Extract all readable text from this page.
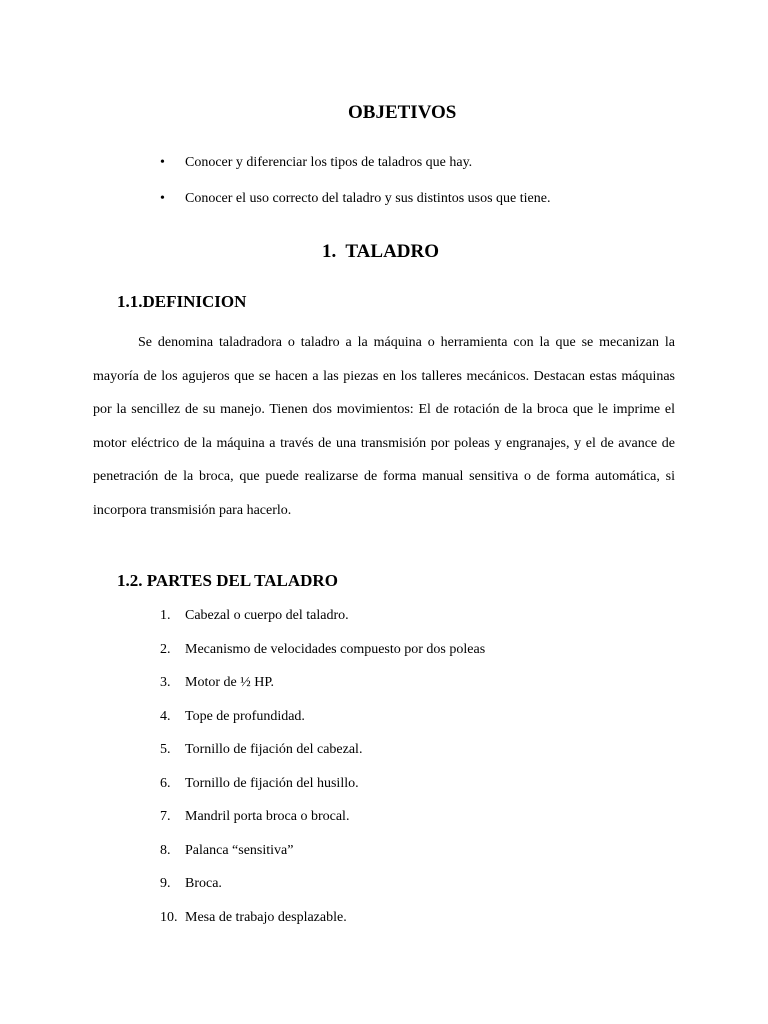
OBJETIVOS
• Conocer y diferenciar los tipos de taladros que hay.
• Conocer el uso correcto del taladro y sus distintos usos que tiene.
1.  TALADRO
1.1.DEFINICION
Se denomina taladradora o taladro a la máquina o herramienta con la que se mecanizan la mayoría de los agujeros que se hacen a las piezas en los talleres mecánicos. Destacan estas máquinas por la sencillez de su manejo. Tienen dos movimientos: El de rotación de la broca que le imprime el motor eléctrico de la máquina a través de una transmisión por poleas y engranajes, y el de avance de penetración de la broca, que puede realizarse de forma manual sensitiva o de forma automática, si incorpora transmisión para hacerlo.
1.2. PARTES DEL TALADRO
1. Cabezal o cuerpo del taladro.
2. Mecanismo de velocidades compuesto por dos poleas
3. Motor de ½ HP.
4. Tope de profundidad.
5. Tornillo de fijación del cabezal.
6. Tornillo de fijación del husillo.
7. Mandril porta broca o brocal.
8. Palanca “sensitiva”
9. Broca.
10. Mesa de trabajo desplazable.
